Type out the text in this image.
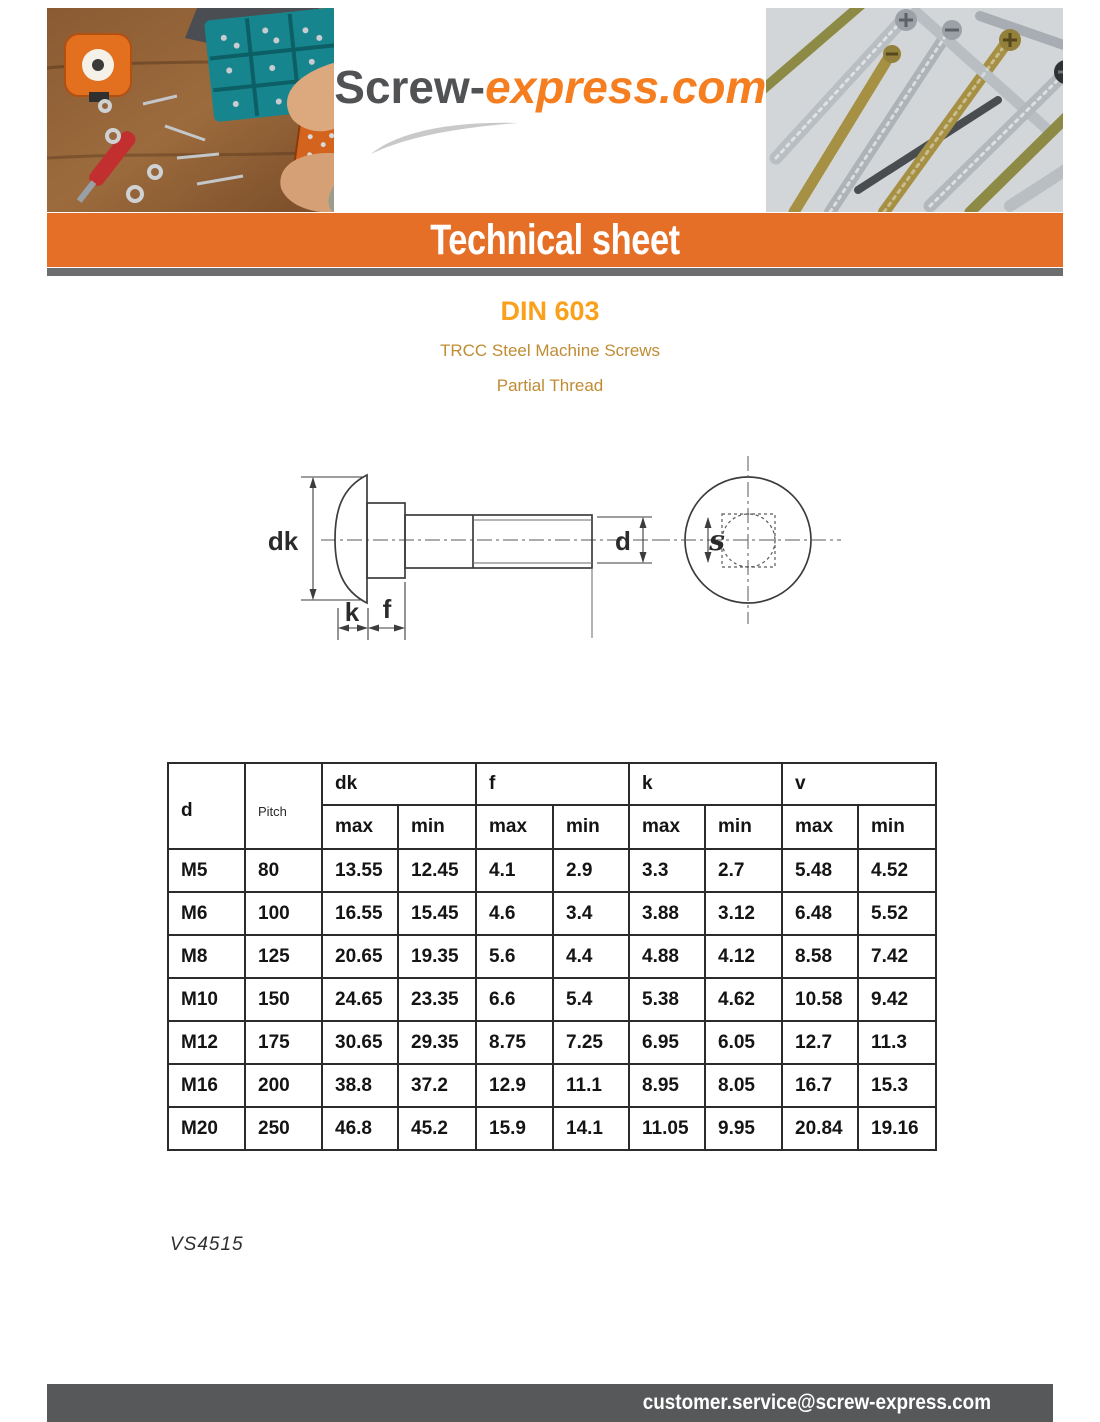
Screw-express.com
Technical sheet
DIN 603
TRCC Steel Machine Screws
Partial Thread
dk
k f
d	s
d	Pitch	dk		f		k		v	
		max	min	max	min	max	min	max	min
M5	80	13.55	12.45	4.1	2.9	3.3	2.7	5.48	4.52
M6	100	16.55	15.45	4.6	3.4	3.88	3.12	6.48	5.52
M8	125	20.65	19.35	5.6	4.4	4.88	4.12	8.58	7.42
M10	150	24.65	23.35	6.6	5.4	5.38	4.62	10.58	9.42
M12	175	30.65	29.35	8.75	7.25	6.95	6.05	12.7	11.3
M16	200	38.8	37.2	12.9	11.1	8.95	8.05	16.7	15.3
M20	250	46.8	45.2	15.9	14.1	11.05	9.95	20.84	19.16
VS4515
customer.service@screw-express.com
